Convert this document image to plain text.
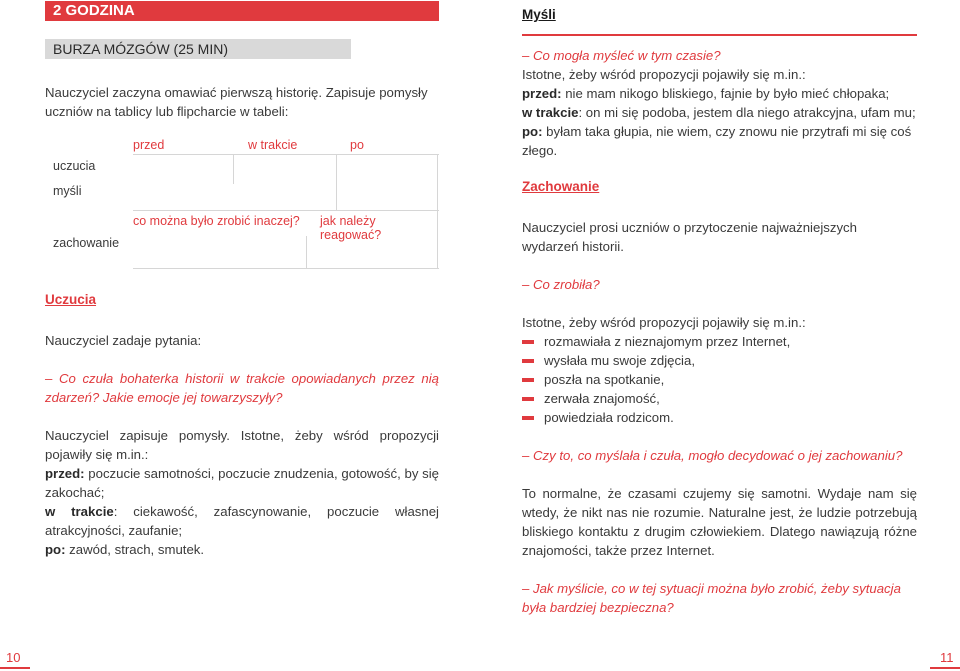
2 GODZINA
BURZA MÓZGÓW (25 MIN)

Nauczyciel zaczyna omawiać pierwszą historię. Zapisuje pomysły uczniów na tablicy lub flipcharcie w tabeli:

przed	w trakcie	po
uczucia
myśli
zachowanie
co można było zrobić inaczej? jak należy reagować?
Uczucia

Nauczyciel zadaje pytania:

– Co czuła bohaterka historii w trakcie opowiadanych przez nią zdarzeń? Jakie emocje jej towarzyszyły?

Nauczyciel zapisuje pomysły. Istotne, żeby wśród propozycji pojawiły się m.in.:

przed: poczucie samotności, poczucie znudzenia, gotowość, by się zakochać;

w trakcie: ciekawość, zafascynowanie, poczucie własnej atrakcyjności, zaufanie;

po: zawód, strach, smutek.

Myśli

– Co mogła myśleć w tym czasie?

Istotne, żeby wśród propozycji pojawiły się m.in.:

przed: nie mam nikogo bliskiego, fajnie by było mieć chłopaka;

w trakcie: on mi się podoba, jestem dla niego atrakcyjna, ufam mu;

po: byłam taka głupia, nie wiem, czy znowu nie przytrafi mi się coś złego.

Zachowanie

Nauczyciel prosi uczniów o przytoczenie najważniejszych wydarzeń historii.

– Co zrobiła?

Istotne, żeby wśród propozycji pojawiły się m.in.:

rozmawiała z nieznajomym przez Internet,
wysłała mu swoje zdjęcia,
poszła na spotkanie,
zerwała znajomość,
powiedziała rodzicom.

– Czy to, co myślała i czuła, mogło decydować o jej zachowaniu?

To normalne, że czasami czujemy się samotni. Wydaje nam się wtedy, że nikt nas nie rozumie. Naturalne jest, że ludzie potrzebują bliskiego kontaktu z drugim człowiekiem. Dlatego nawiązują różne znajomości, także przez Internet.

– Jak myślicie, co w tej sytuacji można było zrobić, żeby sytuacja była bardziej bezpieczna?

10	11
